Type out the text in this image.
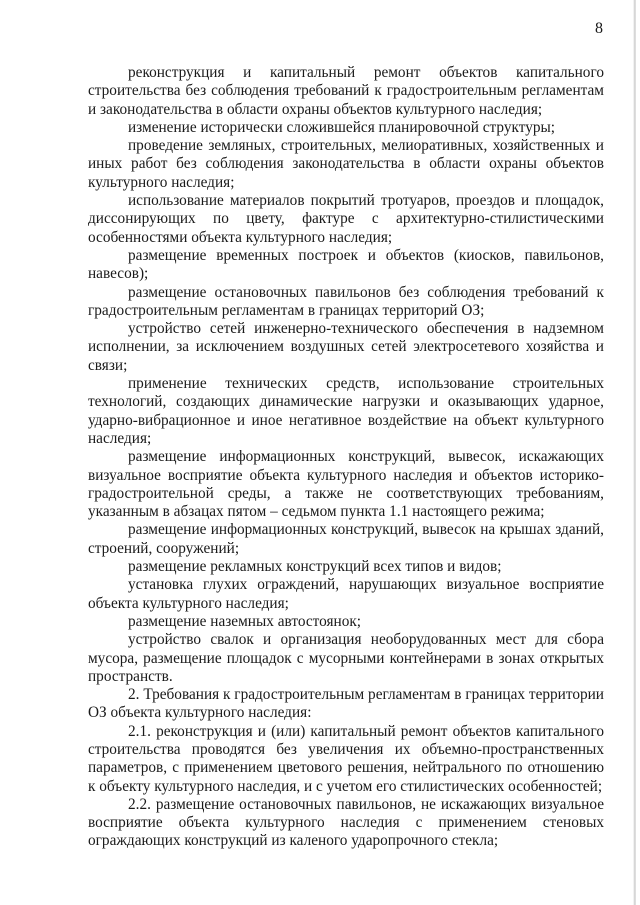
8

реконструкция и капитальный ремонт объектов капитального строительства без соблюдения требований к градостроительным регламентам и законодательства в области охраны объектов культурного наследия;

изменение исторически сложившейся планировочной структуры;

проведение земляных, строительных, мелиоративных, хозяйственных и иных работ без соблюдения законодательства в области охраны объектов культурного наследия;

использование материалов покрытий тротуаров, проездов и площадок, диссонирующих по цвету, фактуре с архитектурно-стилистическими особенностями объекта культурного наследия;

размещение временных построек и объектов (киосков, павильонов, навесов);

размещение остановочных павильонов без соблюдения требований к градостроительным регламентам в границах территорий ОЗ;

устройство сетей инженерно-технического обеспечения в надземном исполнении, за исключением воздушных сетей электросетевого хозяйства и связи;

применение технических средств, использование строительных технологий, создающих динамические нагрузки и оказывающих ударное, ударно-вибрационное и иное негативное воздействие на объект культурного наследия;

размещение информационных конструкций, вывесок, искажающих визуальное восприятие объекта культурного наследия и объектов историко-градостроительной среды, а также не соответствующих требованиям, указанным в абзацах пятом – седьмом пункта 1.1 настоящего режима;

размещение информационных конструкций, вывесок на крышах зданий, строений, сооружений;

размещение рекламных конструкций всех типов и видов;

установка глухих ограждений, нарушающих визуальное восприятие объекта культурного наследия;

размещение наземных автостоянок;

устройство свалок и организация необорудованных мест для сбора мусора, размещение площадок с мусорными контейнерами в зонах открытых пространств.

2. Требования к градостроительным регламентам в границах территории ОЗ объекта культурного наследия:

2.1. реконструкция и (или) капитальный ремонт объектов капитального строительства проводятся без увеличения их объемно-пространственных параметров, с применением цветового решения, нейтрального по отношению к объекту культурного наследия, и с учетом его стилистических особенностей;

2.2. размещение остановочных павильонов, не искажающих визуальное восприятие объекта культурного наследия с применением стеновых ограждающих конструкций из каленого ударопрочного стекла;
